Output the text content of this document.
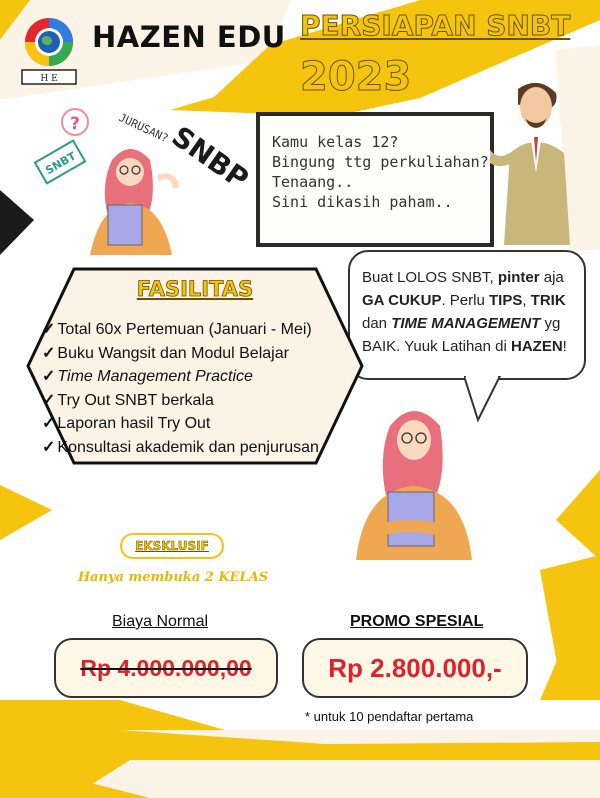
H E
HAZEN EDU PERSIAPAN SNBT
2023
?	JURUSAN?
SNBT	SNBP Kamu kelas 12?
Bingung ttg perkuliahan?
Tenaang..
Sini dikasih paham..
Buat LOLOS SNBT, pinter aja GA CUKUP. Perlu TIPS, TRIK dan TIME MANAGEMENT yg BAIK. Yuuk Latihan di HAZEN!
FASILITAS
✓ Total 60x Pertemuan (Januari - Mei)
✓ Buku Wangsit dan Modul Belajar
✓ Time Management Practice
✓ Try Out SNBT berkala
✓ Laporan hasil Try Out
✓ Konsultasi akademik dan penjurusan
EKSKLUSIF
Hanya membuka 2 KELAS
Biaya Normal	PROMO SPESIAL
Rp 4.000.000,00	Rp 2.800.000,-
* untuk 10 pendaftar pertama
